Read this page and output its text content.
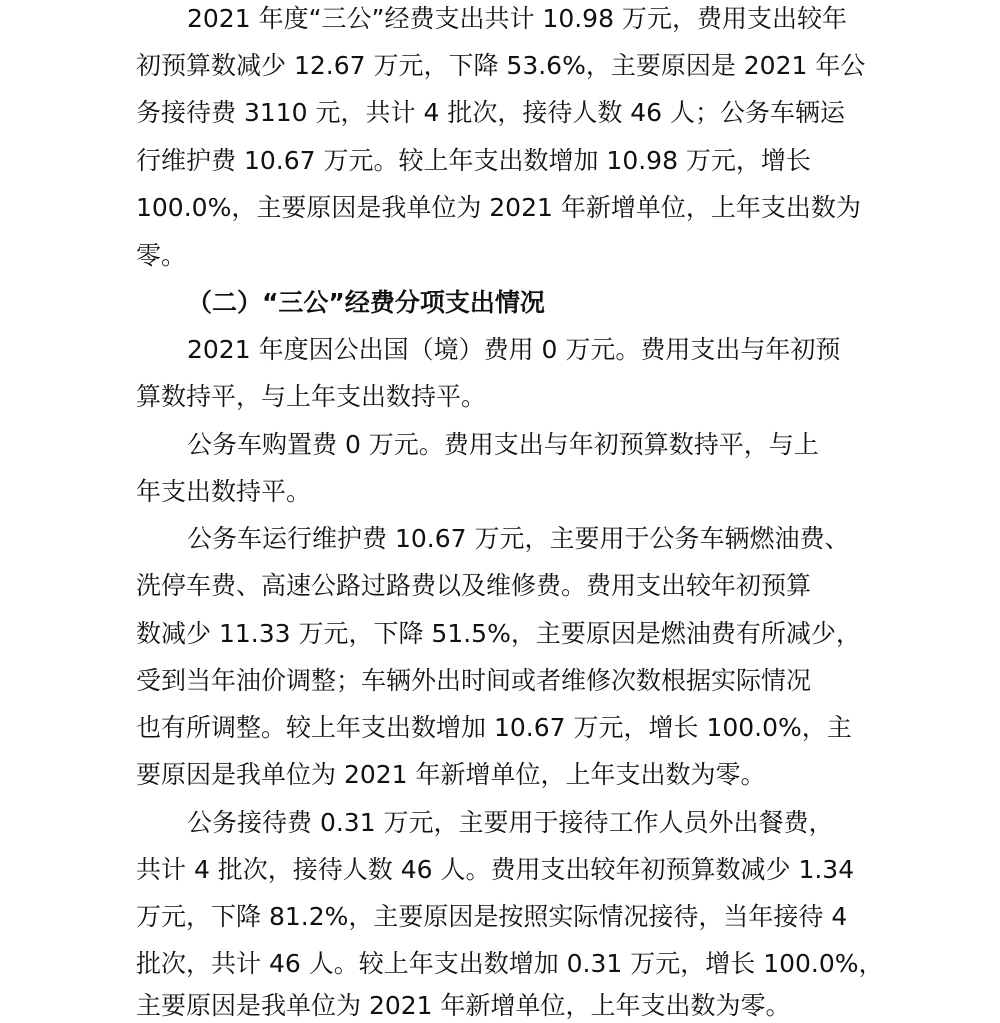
2021 年度“三公”经费支出共计 10.98 万元，费用支出较年
初预算数减少 12.67 万元，下降 53.6%，主要原因是 2021 年公
务接待费 3110 元，共计 4 批次，接待人数 46 人；公务车辆运
行维护费 10.67 万元。较上年支出数增加 10.98 万元，增长
100.0%，主要原因是我单位为 2021 年新增单位，上年支出数为
零。
（二）“三公”经费分项支出情况
2021 年度因公出国（境）费用 0 万元。费用支出与年初预
算数持平，与上年支出数持平。
公务车购置费 0 万元。费用支出与年初预算数持平，与上
年支出数持平。
公务车运行维护费 10.67 万元，主要用于公务车辆燃油费、
洗停车费、高速公路过路费以及维修费。费用支出较年初预算
数减少 11.33 万元，下降 51.5%，主要原因是燃油费有所减少，
受到当年油价调整；车辆外出时间或者维修次数根据实际情况
也有所调整。较上年支出数增加 10.67 万元，增长 100.0%，主
要原因是我单位为 2021 年新增单位，上年支出数为零。
公务接待费 0.31 万元，主要用于接待工作人员外出餐费，
共计 4 批次，接待人数 46 人。费用支出较年初预算数减少 1.34
万元，下降 81.2%，主要原因是按照实际情况接待，当年接待 4
批次，共计 46 人。较上年支出数增加 0.31 万元，增长 100.0%，
主要原因是我单位为 2021 年新增单位，上年支出数为零。
